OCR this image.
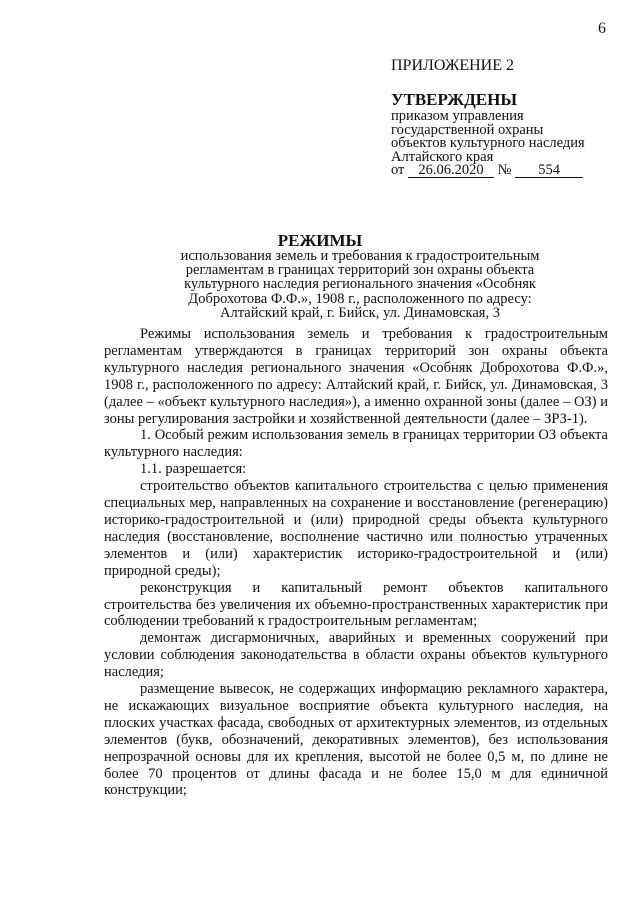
6
ПРИЛОЖЕНИЕ 2
УТВЕРЖДЕНЫ
приказом управления
государственной охраны
объектов культурного наследия
Алтайского края
от 26.06.2020 № 554
РЕЖИМЫ
использования земель и требования к градостроительным
регламентам в границах территорий зон охраны объекта
культурного наследия регионального значения «Особняк
Доброхотова Ф.Ф.», 1908 г., расположенного по адресу:
Алтайский край, г. Бийск, ул. Динамовская, 3

Режимы использования земель и требования к градостроительным регламентам утверждаются в границах территорий зон охраны объекта культурного наследия регионального значения «Особняк Доброхотова Ф.Ф.», 1908 г., расположенного по адресу: Алтайский край, г. Бийск, ул. Динамовская, 3 (далее – «объект культурного наследия»), а именно охранной зоны (далее – ОЗ) и зоны регулирования застройки и хозяйственной деятельности (далее – ЗРЗ-1).

1. Особый режим использования земель в границах территории ОЗ объекта культурного наследия:

1.1. разрешается:

строительство объектов капитального строительства с целью применения специальных мер, направленных на сохранение и восстановление (регенерацию) историко-градостроительной и (или) природной среды объекта культурного наследия (восстановление, восполнение частично или полностью утраченных элементов и (или) характеристик историко-градостроительной и (или) природной среды);

реконструкция и капитальный ремонт объектов капитального строительства без увеличения их объемно-пространственных характеристик при соблюдении требований к градостроительным регламентам;

демонтаж дисгармоничных, аварийных и временных сооружений при условии соблюдения законодательства в области охраны объектов культурного наследия;

размещение вывесок, не содержащих информацию рекламного характера, не искажающих визуальное восприятие объекта культурного наследия, на плоских участках фасада, свободных от архитектурных элементов, из отдельных элементов (букв, обозначений, декоративных элементов), без использования непрозрачной основы для их крепления, высотой не более 0,5 м, по длине не более 70 процентов от длины фасада и не более 15,0 м для единичной конструкции;
